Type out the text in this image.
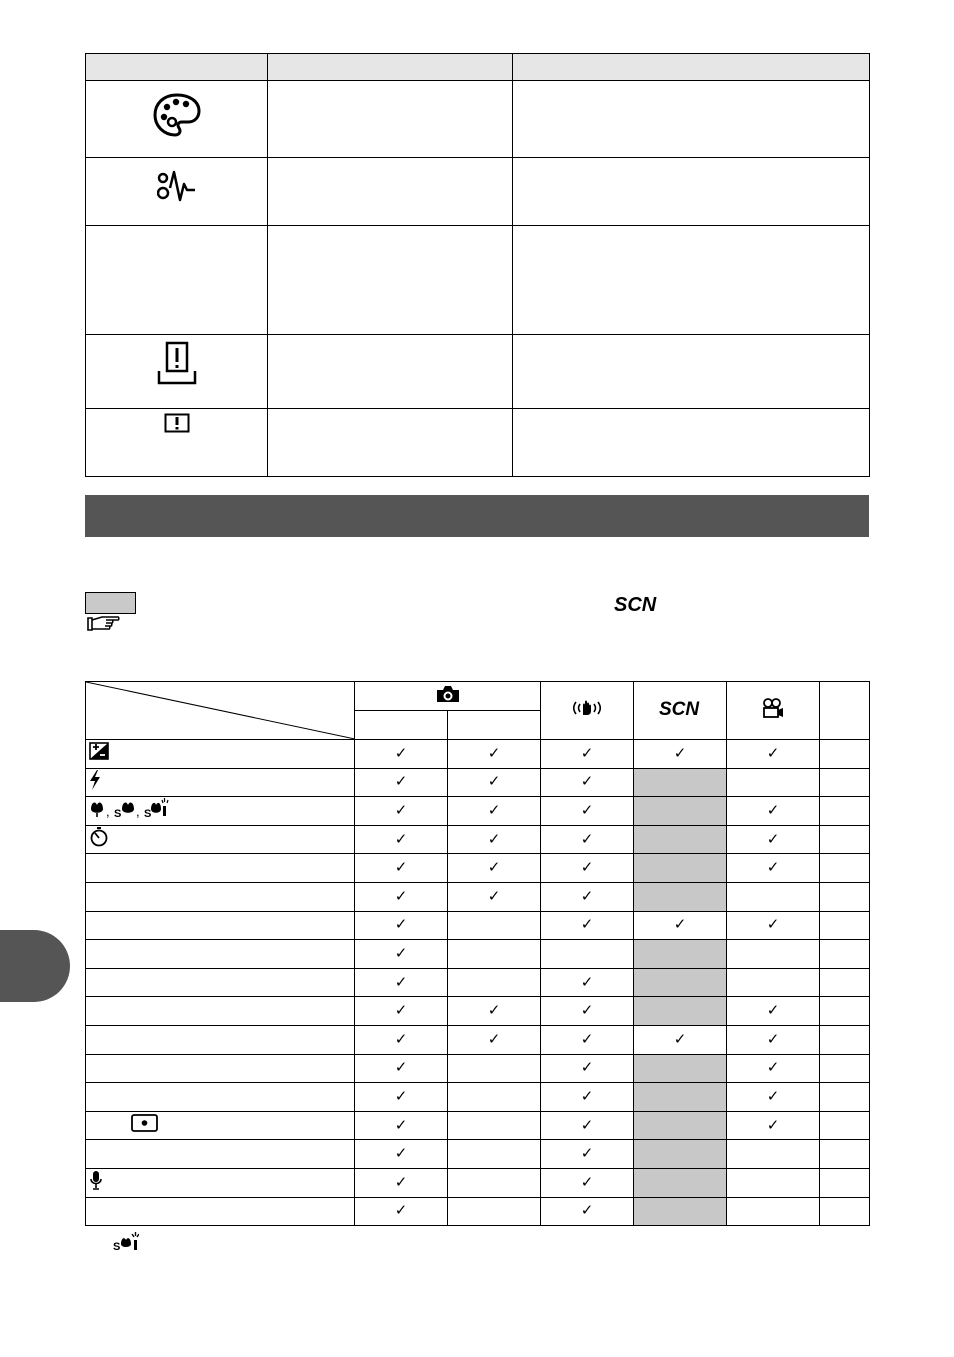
SCN

SCN

	✓	✓	✓	✓	✓	
	✓	✓	✓			

, S , S	✓	✓	✓		✓	
	✓	✓	✓		✓	
	✓	✓	✓		✓	
	✓	✓	✓			
	✓		✓	✓	✓	
	✓					
	✓		✓			
	✓	✓	✓		✓	
	✓	✓	✓	✓	✓	
	✓		✓		✓	
	✓		✓		✓	
	✓		✓		✓	
	✓		✓			
	✓		✓			
	✓		✓			
S
